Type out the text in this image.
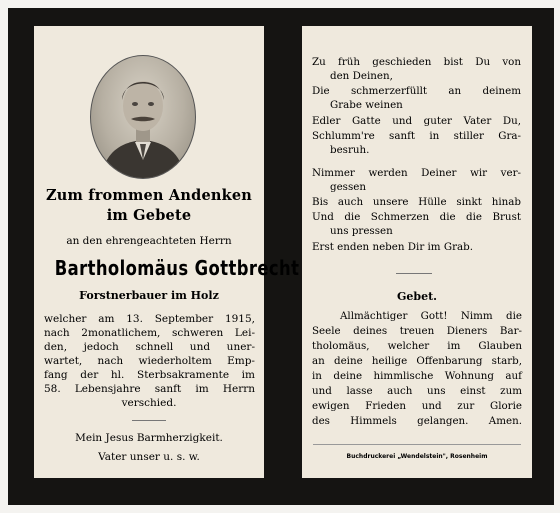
Zum frommen Andenken
im Gebete
an den ehrengeachteten Herrn
Bartholomäus Gottbrecht
Forstnerbauer im Holz
welcher am 13. September 1915,
nach 2monatlichem, schweren Lei-
den, jedoch schnell und uner-
wartet, nach wiederholtem Emp-
fang der hl. Sterbsakramente im
58. Lebensjahre sanft im Herrn
verschied.
Mein Jesus Barmherzigkeit.
Vater unser u. s. w.
Zu früh geschieden bist Du von
den Deinen,
Die schmerzerfüllt an deinem
Grabe weinen
Edler Gatte und guter Vater Du,
Schlumm're sanft in stiller Gra-
besruh.
Nimmer werden Deiner wir ver-
gessen
Bis auch unsere Hülle sinkt hinab
Und die Schmerzen die die Brust
uns pressen
Erst enden neben Dir im Grab.
Gebet.
Allmächtiger Gott! Nimm die
Seele deines treuen Dieners Bar-
tholomäus, welcher im Glauben
an deine heilige Offenbarung starb,
in deine himmlische Wohnung auf
und lasse auch uns einst zum
ewigen Frieden und zur Glorie
des Himmels gelangen. Amen.
Buchdruckerei „Wendelstein", Rosenheim
